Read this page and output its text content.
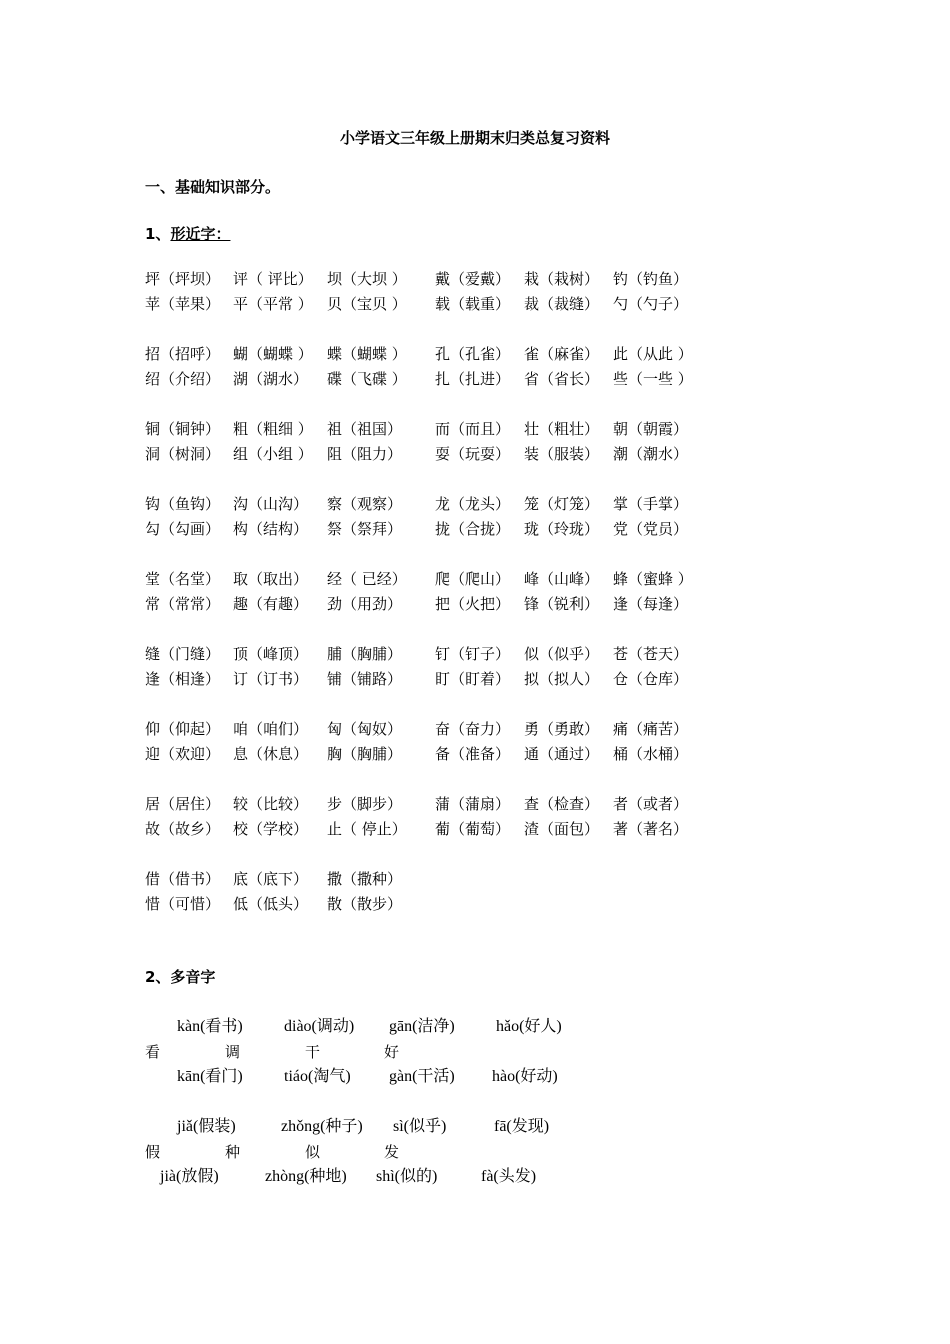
小学语文三年级上册期末归类总复习资料
一、基础知识部分。
1、形近字：
坪（坪坝） 评（ 评比） 坝（大坝 ） 戴（爱戴） 栽（栽树） 钓（钓鱼）
苹（苹果） 平（平常 ） 贝（宝贝 ） 载（载重） 裁（裁缝） 勺（勺子）
招（招呼） 蝴（蝴蝶 ） 蝶（蝴蝶 ） 孔（孔雀） 雀（麻雀） 此（从此 ）
绍（介绍） 湖（湖水） 碟（飞碟 ） 扎（扎进） 省（省长） 些（一些 ）
铜（铜钟） 粗（粗细 ） 祖（祖国） 而（而且） 壮（粗壮） 朝（朝霞）
洞（树洞） 组（小组 ） 阻（阻力） 耍（玩耍） 装（服装） 潮（潮水）
钩（鱼钩） 沟（山沟） 察（观察） 龙（龙头） 笼（灯笼） 掌（手掌）
勾（勾画） 构（结构） 祭（祭拜） 拢（合拢） 珑（玲珑） 党（党员）
堂（名堂） 取（取出） 经（ 已经） 爬（爬山） 峰（山峰） 蜂（蜜蜂 ）
常（常常） 趣（有趣） 劲（用劲） 把（火把） 锋（锐利） 逢（每逢）
缝（门缝） 顶（峰顶） 脯（胸脯） 钉（钉子） 似（似乎） 苍（苍天）
逢（相逢） 订（订书） 铺（铺路） 盯（盯着） 拟（拟人） 仓（仓库）
仰（仰起） 咱（咱们） 匈（匈奴） 奋（奋力） 勇（勇敢） 痛（痛苦）
迎（欢迎） 息（休息） 胸（胸脯） 备（准备） 通（通过） 桶（水桶）
居（居住） 较（比较） 步（脚步） 蒲（蒲扇） 查（检查） 者（或者）
故（故乡） 校（学校） 止（ 停止） 葡（葡萄） 渣（面包） 著（著名）
借（借书） 底（底下） 撒（撒种）
惜（可惜） 低（低头） 散（散步）
2、多音字
kàn(看书)	diào(调动) gān(洁净)	hǎo(好人)
看	调	干	好
kān(看门)	tiáo(淘气) gàn(干活) hào(好动)
jiǎ(假装)	zhǒng(种子) sì(似乎)	fā(发现)
假	种	似	发
jià(放假)	zhòng(种地) shì(似的)	fà(头发)
